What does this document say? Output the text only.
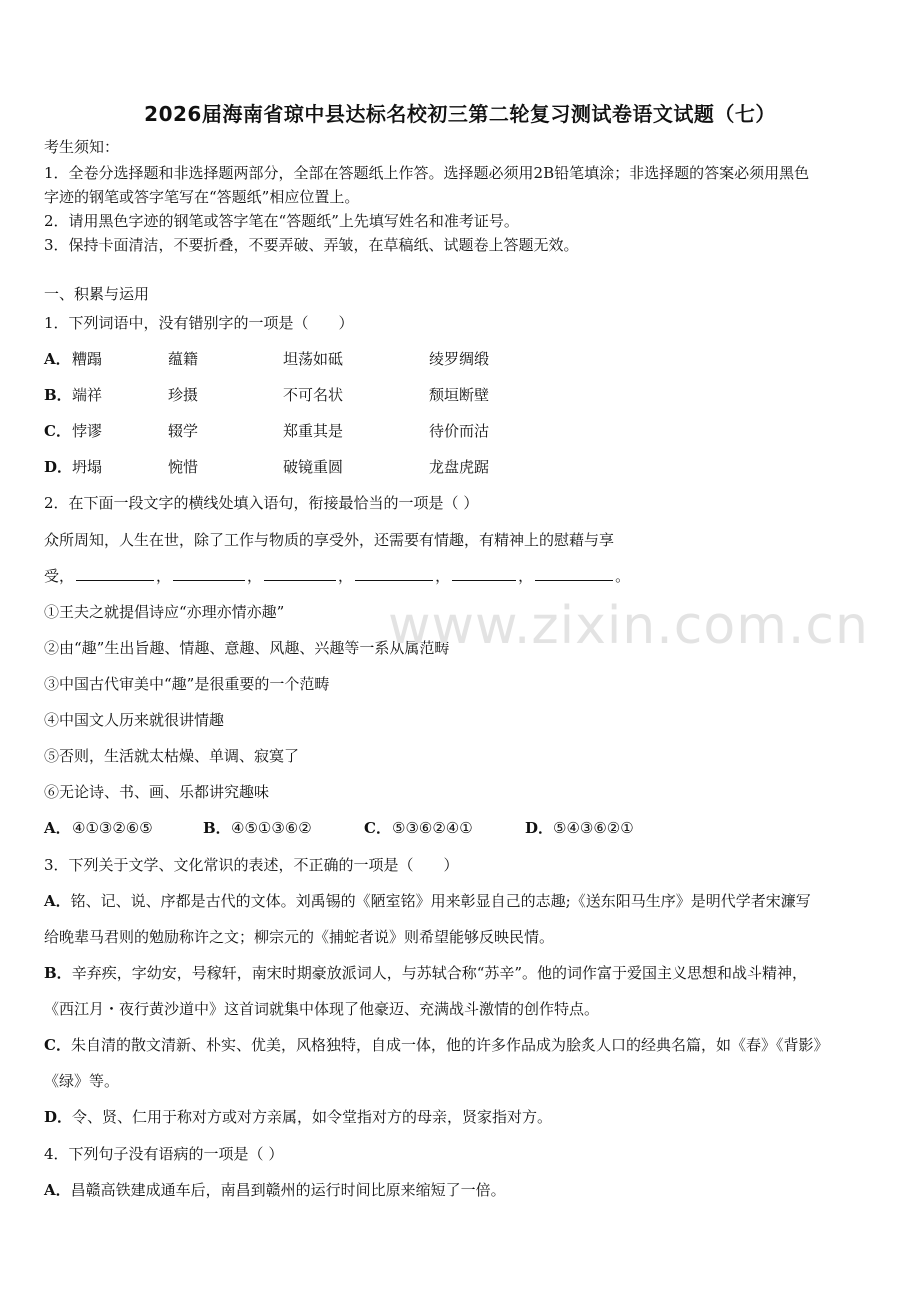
2026届海南省琼中县达标名校初三第二轮复习测试卷语文试题（七）
考生须知：
1．全卷分选择题和非选择题两部分，全部在答题纸上作答。选择题必须用2B铅笔填涂；非选择题的答案必须用黑色
字迹的钢笔或答字笔写在“答题纸”相应位置上。
2．请用黑色字迹的钢笔或答字笔在“答题纸”上先填写姓名和准考证号。
3．保持卡面清洁，不要折叠，不要弄破、弄皱，在草稿纸、试题卷上答题无效。
一、积累与运用
1．下列词语中，没有错别字的一项是（　　）
A． 糟蹋	蕴籍	坦荡如砥	绫罗绸缎
B． 端祥	珍摄	不可名状	颓垣断壁
C． 悖谬	辍学	郑重其是	待价而沽
D． 坍塌	惋惜	破镜重圆	龙盘虎踞
2．在下面一段文字的横线处填入语句，衔接最恰当的一项是（ ）
众所周知，人生在世，除了工作与物质的享受外，还需要有情趣，有精神上的慰藉与享
受，	，	，	，	，	，	。
①王夫之就提倡诗应“亦理亦情亦趣”
②由“趣”生出旨趣、情趣、意趣、风趣、兴趣等一系从属范畴
③中国古代审美中“趣”是很重要的一个范畴
④中国文人历来就很讲情趣
⑤否则，生活就太枯燥、单调、寂寞了
⑥无论诗、书、画、乐都讲究趣味
A． ④①③②⑥⑤	B． ④⑤①③⑥②	C． ⑤③⑥②④①	D． ⑤④③⑥②①
3．下列关于文学、文化常识的表述，不正确的一项是（　　）
A．铭、记、说、序都是古代的文体。刘禹锡的《陋室铭》用来彰显自己的志趣;《送东阳马生序》是明代学者宋濂写
给晚辈马君则的勉励称许之文；柳宗元的《捕蛇者说》则希望能够反映民情。
B．辛弃疾，字幼安，号稼轩，南宋时期豪放派词人，与苏轼合称“苏辛”。他的词作富于爱国主义思想和战斗精神，
《西江月・夜行黄沙道中》这首词就集中体现了他豪迈、充满战斗激情的创作特点。
C．朱自清的散文清新、朴实、优美，风格独特，自成一体，他的许多作品成为脍炙人口的经典名篇，如《春》《背影》
《绿》等。
D．令、贤、仁用于称对方或对方亲属，如令堂指对方的母亲，贤家指对方。
4．下列句子没有语病的一项是（ ）
A．昌赣高铁建成通车后，南昌到赣州的运行时间比原来缩短了一倍。
www.zixin.com.cn
